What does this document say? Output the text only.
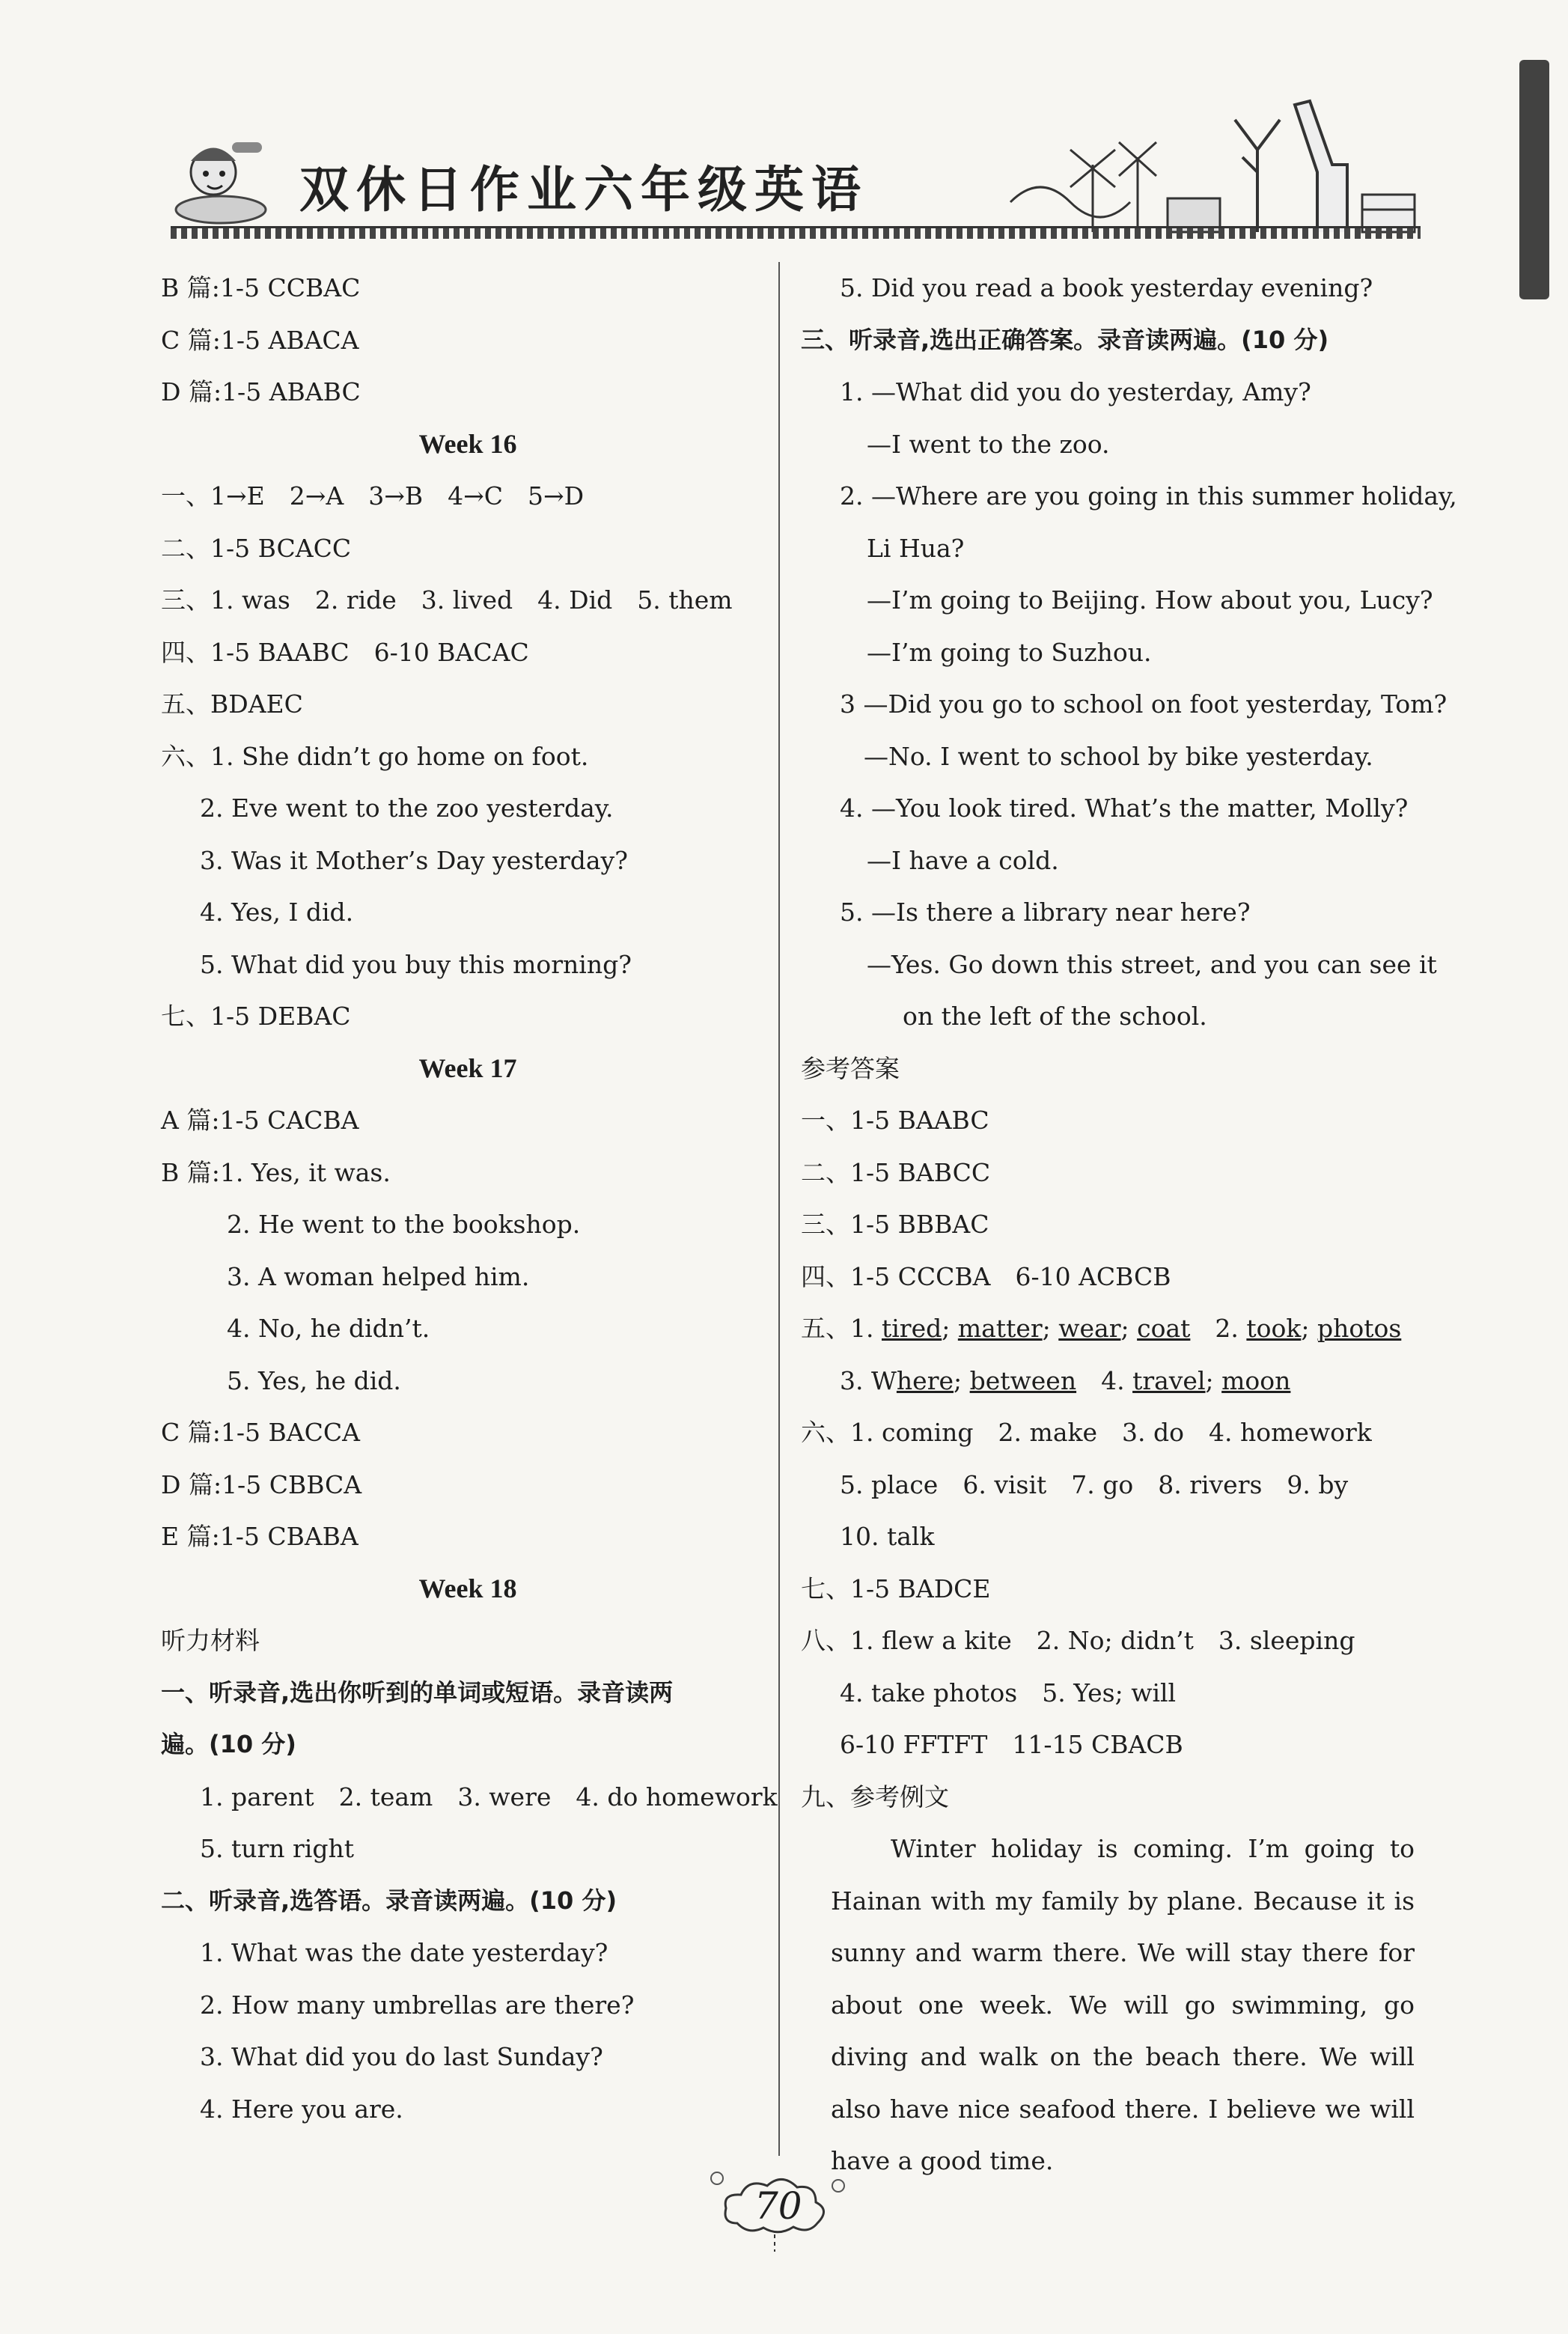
双休日作业六年级英语
B 篇:1-5 CCBAC
C 篇:1-5 ABACA
D 篇:1-5 ABABC
Week 16
一、1→E　2→A　3→B　4→C　5→D
二、1-5 BCACC
三、1. was　2. ride　3. lived　4. Did　5. them
四、1-5 BAABC　6-10 BACAC
五、BDAEC
六、1. She didn’t go home on foot.
2. Eve went to the zoo yesterday.
3. Was it Mother’s Day yesterday?
4. Yes, I did.
5. What did you buy this morning?
七、1-5 DEBAC
Week 17
A 篇:1-5 CACBA
B 篇:1. Yes, it was.
2. He went to the bookshop.
3. A woman helped him.
4. No, he didn’t.
5. Yes, he did.
C 篇:1-5 BACCA
D 篇:1-5 CBBCA
E 篇:1-5 CBABA
Week 18
听力材料
一、听录音,选出你听到的单词或短语。录音读两
遍。(10 分)
1. parent　2. team　3. were　4. do homework
5. turn right
二、听录音,选答语。录音读两遍。(10 分)
1. What was the date yesterday?
2. How many umbrellas are there?
3. What did you do last Sunday?
4. Here you are.
5. Did you read a book yesterday evening?
三、听录音,选出正确答案。录音读两遍。(10 分)
1. —What did you do yesterday, Amy?
—I went to the zoo.
2. —Where are you going in this summer holiday,
Li Hua?
—I’m going to Beijing. How about you, Lucy?
—I’m going to Suzhou.
3 —Did you go to school on foot yesterday, Tom?
—No. I went to school by bike yesterday.
4. —You look tired. What’s the matter, Molly?
—I have a cold.
5. —Is there a library near here?
—Yes. Go down this street, and you can see it
on the left of the school.
参考答案
一、1-5 BAABC
二、1-5 BABCC
三、1-5 BBBAC
四、1-5 CCCBA　6-10 ACBCB
五、1. tired; matter; wear; coat　2. took; photos
3. Where; between　4. travel; moon
六、1. coming　2. make　3. do　4. homework
5. place　6. visit　7. go　8. rivers　9. by
10. talk
七、1-5 BADCE
八、1. flew a kite　2. No; didn’t　3. sleeping
4. take photos　5. Yes; will
6-10 FFTFT　11-15 CBACB
九、参考例文
Winter holiday is coming. I’m going to Hainan with my family by plane. Because it is sunny and warm there. We will stay there for about one week. We will go swimming, go diving and walk on the beach there. We will also have nice seafood there. I believe we will have a good time.
70
